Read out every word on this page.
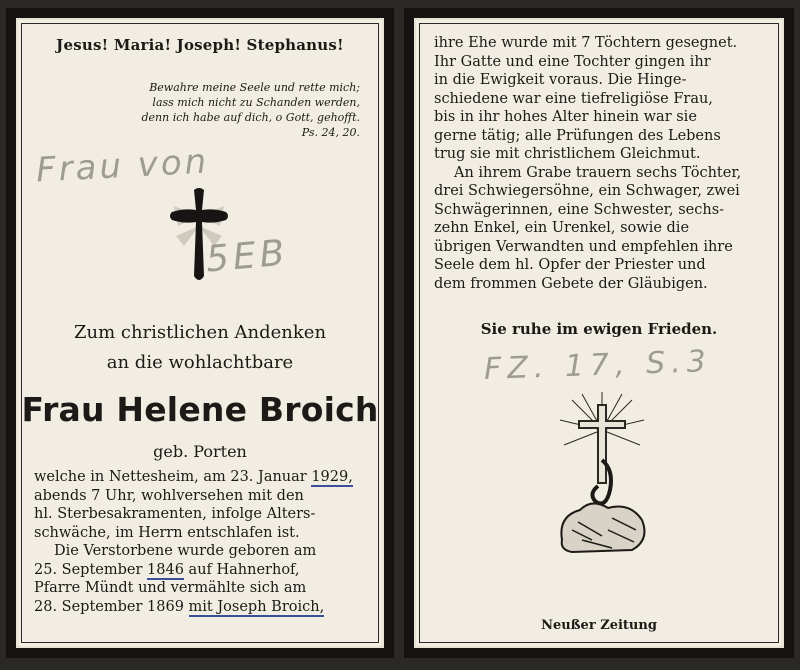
Jesus! Maria! Joseph! Stephanus!
Bewahre meine Seele und rette mich;
lass mich nicht zu Schanden werden,
denn ich habe auf dich, o Gott, gehofft.
Ps. 24, 20.
Frau von
5EB
Zum christlichen Andenken
an die wohlachtbare
Frau Helene Broich
geb. Porten
welche in Nettesheim, am 23. Januar 1929,
abends 7 Uhr, wohlversehen mit den
hl. Sterbesakramenten, infolge Alters-
schwäche, im Herrn entschlafen ist.
Die Verstorbene wurde geboren am
25. September 1846 auf Hahnerhof,
Pfarre Mündt und vermählte sich am
28. September 1869 mit Joseph Broich,
ihre Ehe wurde mit 7 Töchtern gesegnet.
Ihr Gatte und eine Tochter gingen ihr
in die Ewigkeit voraus. Die Hinge-
schiedene war eine tiefreligiöse Frau,
bis in ihr hohes Alter hinein war sie
gerne tätig; alle Prüfungen des Lebens
trug sie mit christlichem Gleichmut.
An ihrem Grabe trauern sechs Töchter,
drei Schwiegersöhne, ein Schwager, zwei
Schwägerinnen, eine Schwester, sechs-
zehn Enkel, ein Urenkel, sowie die
übrigen Verwandten und empfehlen ihre
Seele dem hl. Opfer der Priester und
dem frommen Gebete der Gläubigen.
Sie ruhe im ewigen Frieden.
FZ. 17, S.3
Neußer Zeitung
